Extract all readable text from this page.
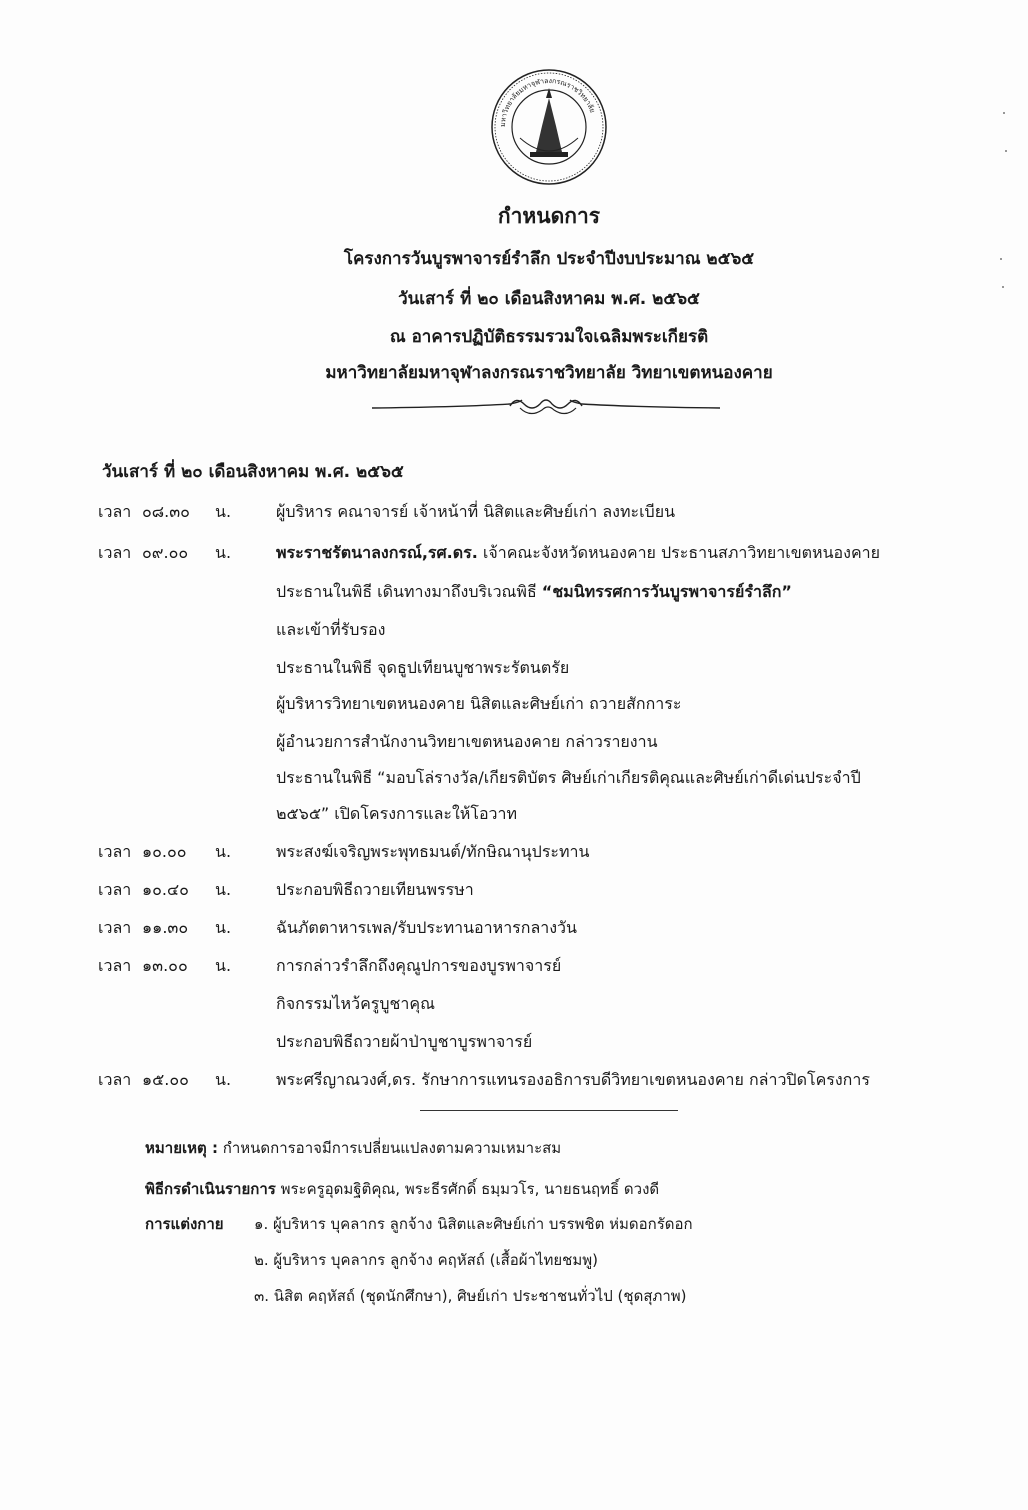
มหาวิทยาลัยมหาจุฬาลงกรณราชวิทยาลัย
กำหนดการ
โครงการวันบูรพาจารย์รำลึก ประจำปีงบประมาณ ๒๕๖๕
วันเสาร์ ที่ ๒๐ เดือนสิงหาคม พ.ศ. ๒๕๖๕
ณ อาคารปฏิบัติธรรมรวมใจเฉลิมพระเกียรติ
มหาวิทยาลัยมหาจุฬาลงกรณราชวิทยาลัย วิทยาเขตหนองคาย
วันเสาร์ ที่ ๒๐ เดือนสิงหาคม พ.ศ. ๒๕๖๕
เวลา ๐๘.๓๐ น.	ผู้บริหาร คณาจารย์ เจ้าหน้าที่ นิสิตและศิษย์เก่า ลงทะเบียน
เวลา ๐๙.๐๐ น.	พระราชรัตนาลงกรณ์,รศ.ดร. เจ้าคณะจังหวัดหนองคาย ประธานสภาวิทยาเขตหนองคาย
ประธานในพิธี เดินทางมาถึงบริเวณพิธี “ชมนิทรรศการวันบูรพาจารย์รำลึก”
และเข้าที่รับรอง
ประธานในพิธี จุดธูปเทียนบูชาพระรัตนตรัย
ผู้บริหารวิทยาเขตหนองคาย นิสิตและศิษย์เก่า ถวายสักการะ
ผู้อำนวยการสำนักงานวิทยาเขตหนองคาย กล่าวรายงาน
ประธานในพิธี “มอบโล่รางวัล/เกียรติบัตร ศิษย์เก่าเกียรติคุณและศิษย์เก่าดีเด่นประจำปี
๒๕๖๕” เปิดโครงการและให้โอวาท
เวลา ๑๐.๐๐ น.	พระสงฆ์เจริญพระพุทธมนต์/ทักษิณานุประทาน
เวลา ๑๐.๔๐ น.	ประกอบพิธีถวายเทียนพรรษา
เวลา ๑๑.๓๐ น.	ฉันภัตตาหารเพล/รับประทานอาหารกลางวัน
เวลา ๑๓.๐๐ น.	การกล่าวรำลึกถึงคุณูปการของบูรพาจารย์
กิจกรรมไหว้ครูบูชาคุณ
ประกอบพิธีถวายผ้าป่าบูชาบูรพาจารย์
เวลา ๑๕.๐๐ น.	พระศรีญาณวงศ์,ดร. รักษาการแทนรองอธิการบดีวิทยาเขตหนองคาย กล่าวปิดโครงการ
หมายเหตุ : กำหนดการอาจมีการเปลี่ยนแปลงตามความเหมาะสม
พิธีกรดำเนินรายการ พระครูอุดมฐิติคุณ, พระธีรศักดิ์ ธมฺมวโร, นายธนฤทธิ์ ดวงดี
การแต่งกาย ๑. ผู้บริหาร บุคลากร ลูกจ้าง นิสิตและศิษย์เก่า บรรพชิต ห่มดอกรัดอก
๒. ผู้บริหาร บุคลากร ลูกจ้าง คฤหัสถ์ (เสื้อผ้าไทยชมพู)
๓. นิสิต คฤหัสถ์ (ชุดนักศึกษา), ศิษย์เก่า ประชาชนทั่วไป (ชุดสุภาพ)
